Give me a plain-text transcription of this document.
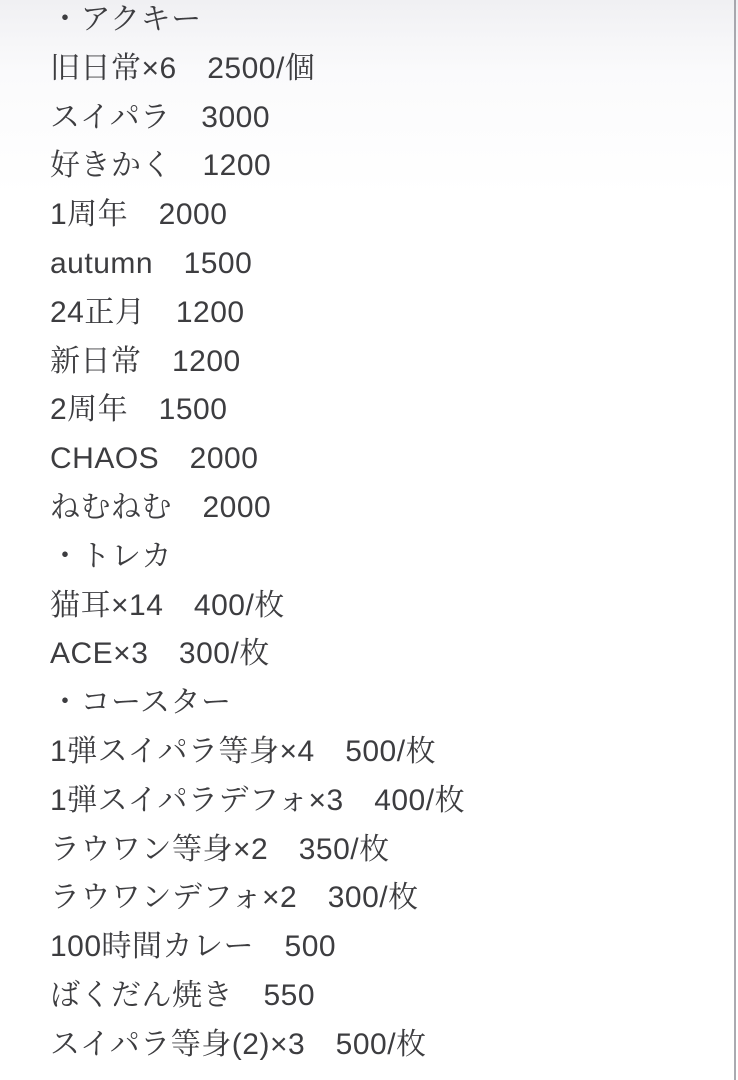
・アクキー
旧日常×6　2500/個
スイパラ　3000
好きかく　1200
1周年　2000
autumn　1500
24正月　1200
新日常　1200
2周年　1500
CHAOS　2000
ねむねむ　2000
・トレカ
猫耳×14　400/枚
ACE×3　300/枚
・コースター
1弾スイパラ等身×4　500/枚
1弾スイパラデフォ×3　400/枚
ラウワン等身×2　350/枚
ラウワンデフォ×2　300/枚
100時間カレー　500
ばくだん焼き　550
スイパラ等身(2)×3　500/枚
